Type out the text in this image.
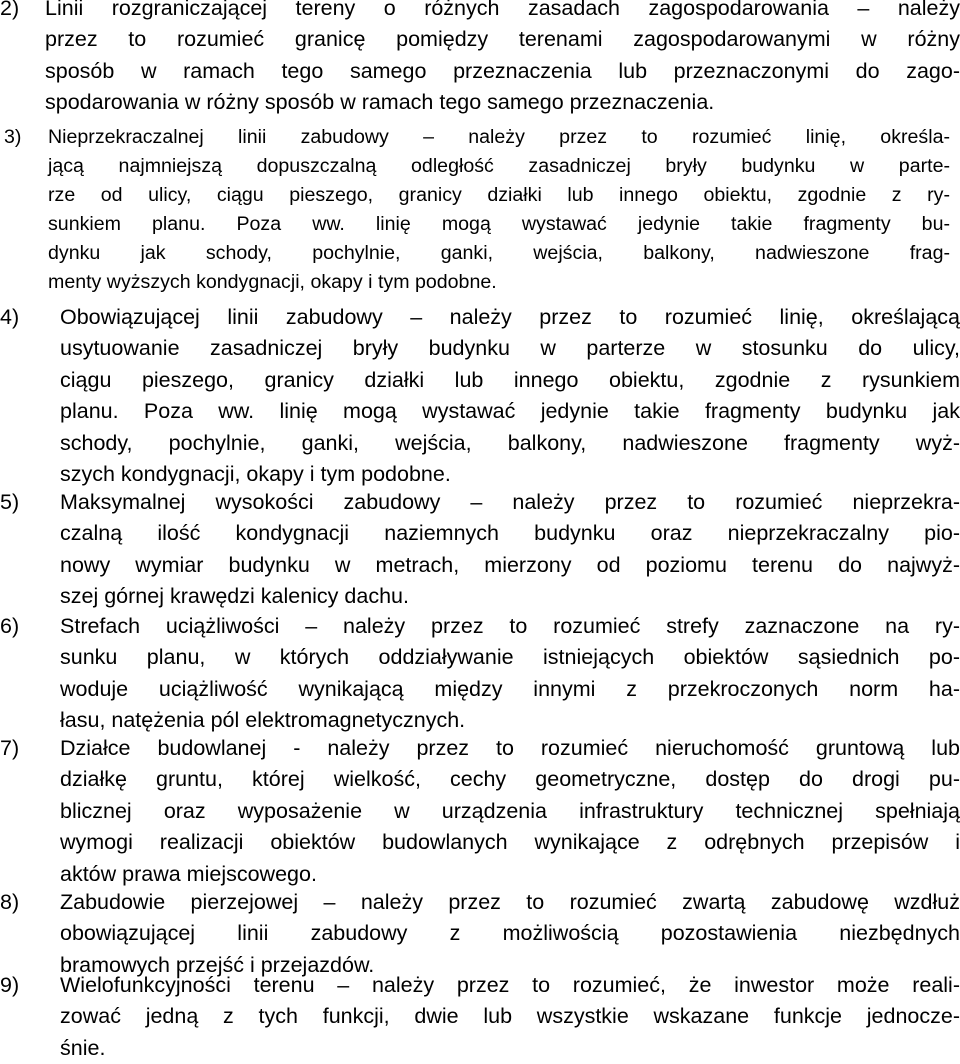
2)	Linii rozgraniczającej tereny o różnych zasadach zagospodarowania – należy
przez to rozumieć granicę pomiędzy terenami zagospodarowanymi w różny
sposób w ramach tego samego przeznaczenia lub przeznaczonymi do zago-
spodarowania w różny sposób w ramach tego samego przeznaczenia.
3)	Nieprzekraczalnej linii zabudowy – należy przez to rozumieć linię, określa-
jącą najmniejszą dopuszczalną odległość zasadniczej bryły budynku w parte-
rze od ulicy, ciągu pieszego, granicy działki lub innego obiektu, zgodnie z ry-
sunkiem planu. Poza ww. linię mogą wystawać jedynie takie fragmenty bu-
dynku jak schody, pochylnie, ganki, wejścia, balkony, nadwieszone frag-
menty wyższych kondygnacji, okapy i tym podobne.
4)	Obowiązującej linii zabudowy – należy przez to rozumieć linię, określającą
usytuowanie zasadniczej bryły budynku w parterze w stosunku do ulicy,
ciągu pieszego, granicy działki lub innego obiektu, zgodnie z rysunkiem
planu. Poza ww. linię mogą wystawać jedynie takie fragmenty budynku jak
schody, pochylnie, ganki, wejścia, balkony, nadwieszone fragmenty wyż-
szych kondygnacji, okapy i tym podobne.
5)	Maksymalnej wysokości zabudowy – należy przez to rozumieć nieprzekra-
czalną ilość kondygnacji naziemnych budynku oraz nieprzekraczalny pio-
nowy wymiar budynku w metrach, mierzony od poziomu terenu do najwyż-
szej górnej krawędzi kalenicy dachu.
6)	Strefach uciążliwości – należy przez to rozumieć strefy zaznaczone na ry-
sunku planu, w których oddziaływanie istniejących obiektów sąsiednich po-
woduje uciążliwość wynikającą między innymi z przekroczonych norm ha-
łasu, natężenia pól elektromagnetycznych.
7)	Działce budowlanej - należy przez to rozumieć nieruchomość gruntową lub
działkę gruntu, której wielkość, cechy geometryczne, dostęp do drogi pu-
blicznej oraz wyposażenie w urządzenia infrastruktury technicznej spełniają
wymogi realizacji obiektów budowlanych wynikające z odrębnych przepisów i
aktów prawa miejscowego.
8)	Zabudowie pierzejowej – należy przez to rozumieć zwartą zabudowę wzdłuż
obowiązującej linii zabudowy z możliwością pozostawienia niezbędnych
bramowych przejść i przejazdów.
9)	Wielofunkcyjności terenu – należy przez to rozumieć, że inwestor może reali-
zować jedną z tych funkcji, dwie lub wszystkie wskazane funkcje jednocze-
śnie.
